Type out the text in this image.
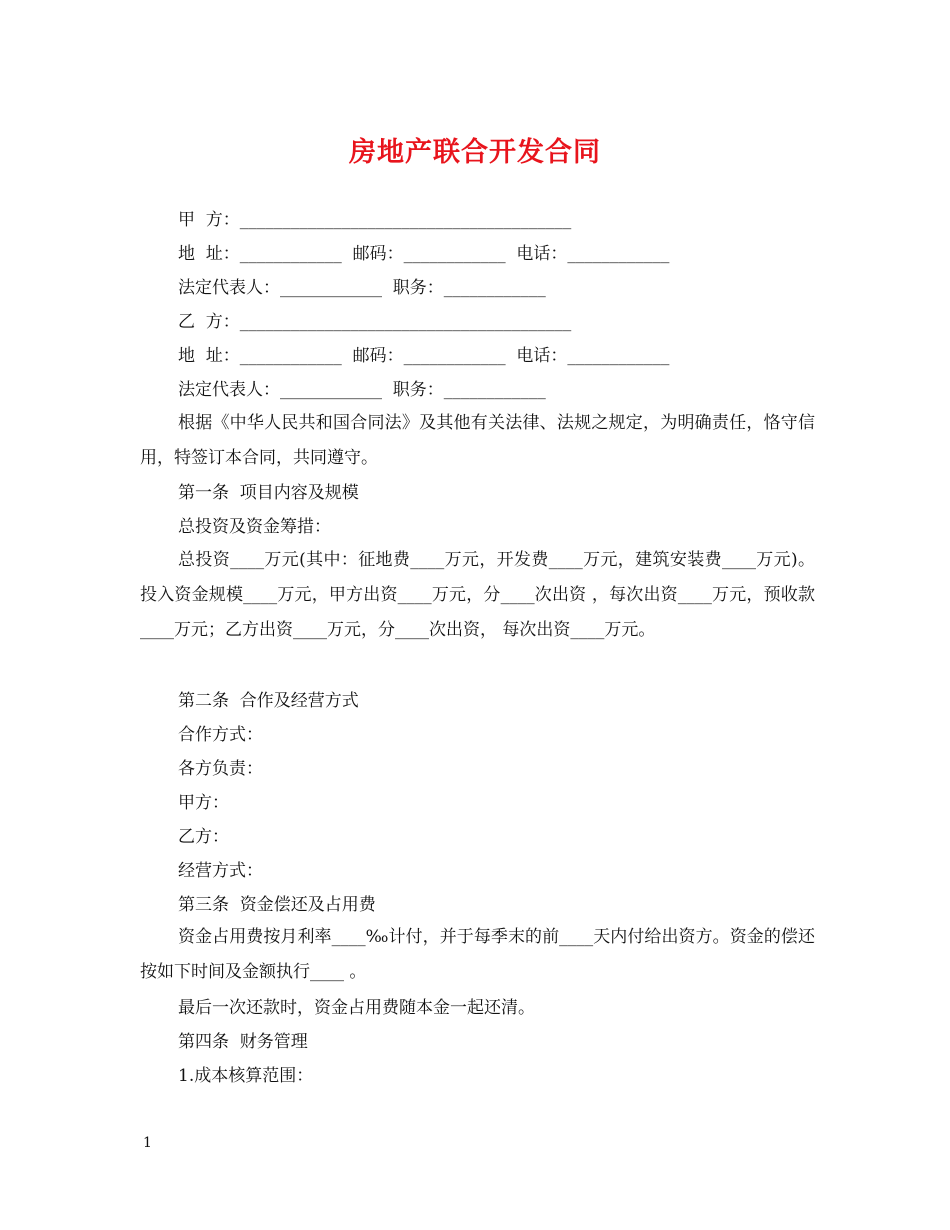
房地产联合开发合同
甲  方：_______________________________________
地  址：____________  邮码：____________  电话：____________
法定代表人：____________  职务：____________
乙  方：_______________________________________
地  址：____________  邮码：____________  电话：____________
法定代表人：____________  职务：____________
根据《中华人民共和国合同法》及其他有关法律、法规之规定，为明确责任，恪守信用，特签订本合同，共同遵守。
第一条  项目内容及规模
总投资及资金筹措：
总投资____万元(其中：征地费____万元，开发费____万元，建筑安装费____万元)。投入资金规模____万元，甲方出资____万元，分____次出资 ，每次出资____万元，预收款____万元；乙方出资____万元，分____次出资， 每次出资____万元。
第二条  合作及经营方式
合作方式：
各方负责：
甲方：
乙方：
经营方式：
第三条  资金偿还及占用费
资金占用费按月利率____‰计付，并于每季末的前____天内付给出资方。资金的偿还按如下时间及金额执行____ 。
最后一次还款时，资金占用费随本金一起还清。
第四条  财务管理
1.成本核算范围：
1
